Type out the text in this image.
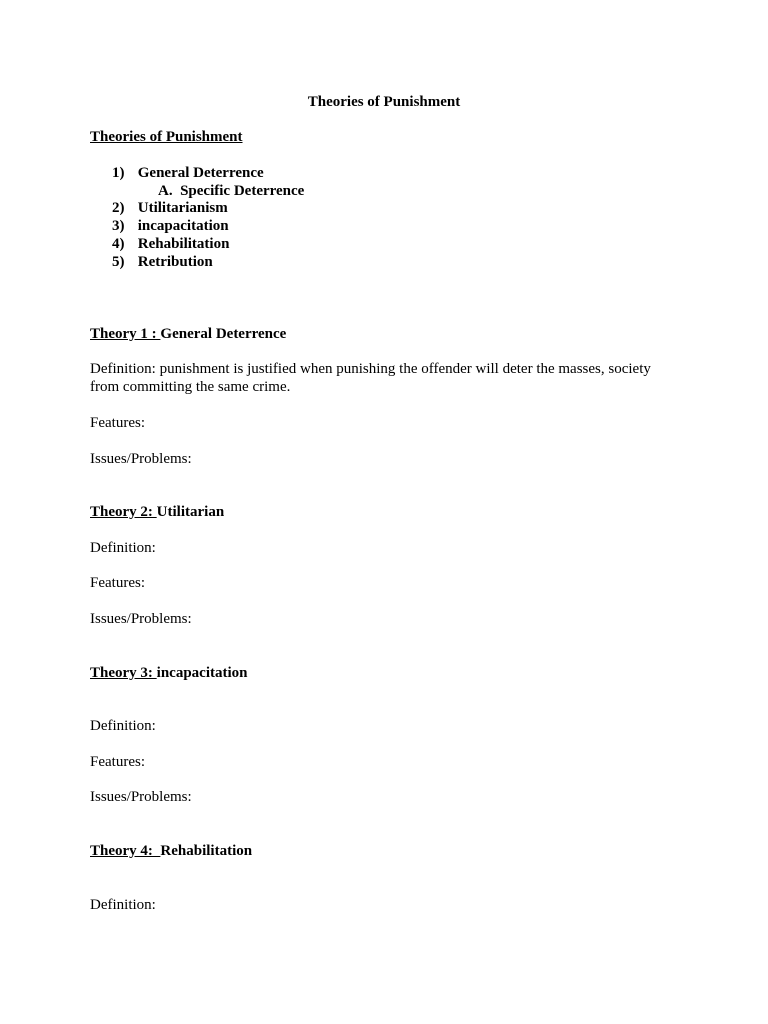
Theories of Punishment
Theories of Punishment
1) General Deterrence
A. Specific Deterrence
2) Utilitarianism
3) incapacitation
4) Rehabilitation
5) Retribution
Theory 1 : General Deterrence
Definition: punishment is justified when punishing the offender will deter the masses, society from committing the same crime.
Features:
Issues/Problems:
Theory 2: Utilitarian
Definition:
Features:
Issues/Problems:
Theory 3: incapacitation
Definition:
Features:
Issues/Problems:
Theory 4:  Rehabilitation
Definition:
